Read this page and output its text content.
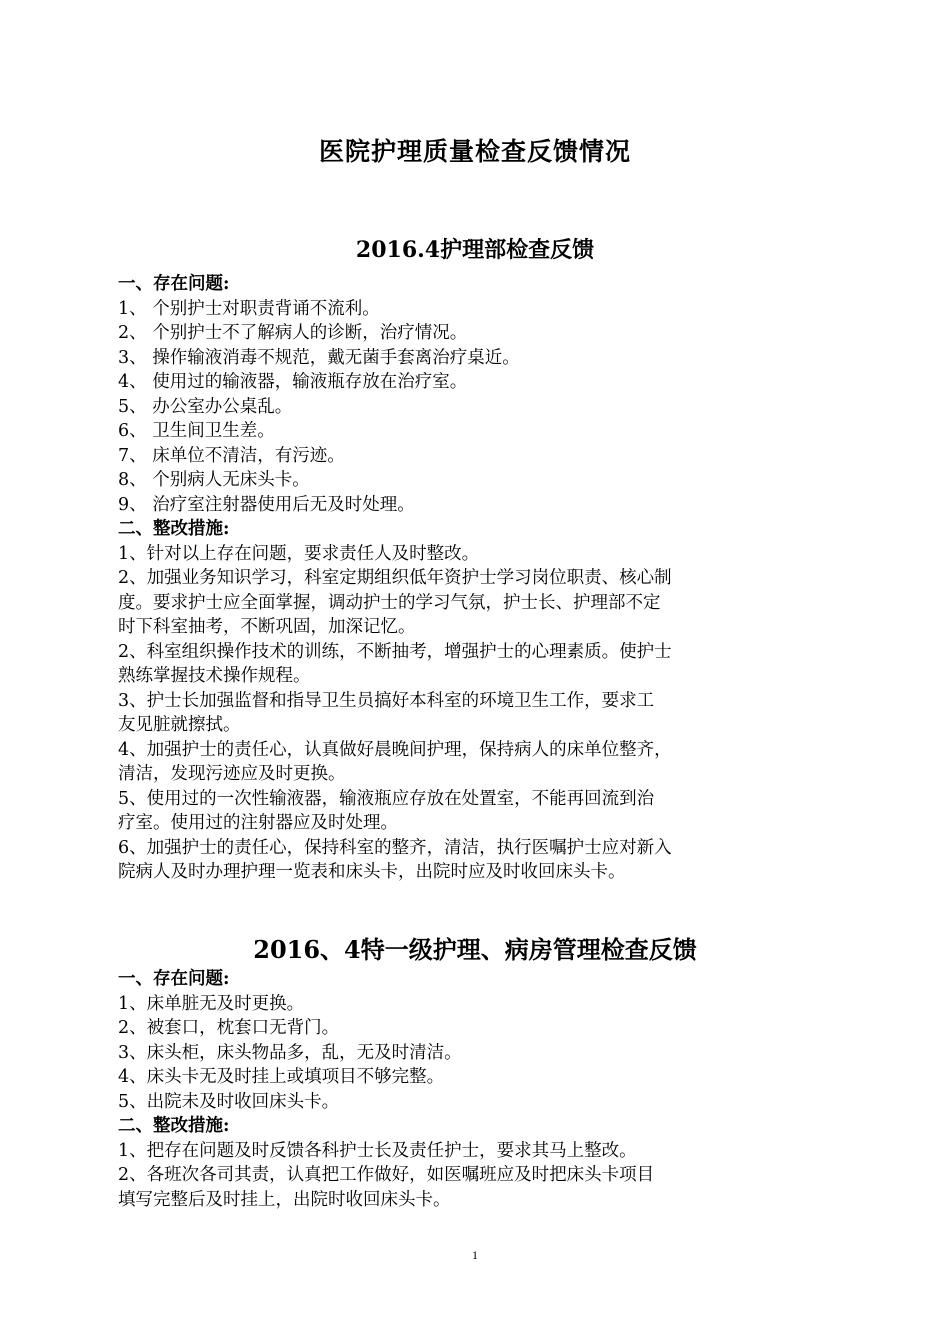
医院护理质量检查反馈情况
2016.4护理部检查反馈
一、存在问题:
1、 个别护士对职责背诵不流利。
2、 个别护士不了解病人的诊断，治疗情况。
3、 操作输液消毒不规范，戴无菌手套离治疗桌近。
4、 使用过的输液器，输液瓶存放在治疗室。
5、 办公室办公桌乱。
6、 卫生间卫生差。
7、 床单位不清洁，有污迹。
8、 个别病人无床头卡。
9、 治疗室注射器使用后无及时处理。
二、整改措施:
1、针对以上存在问题，要求责任人及时整改。
2、加强业务知识学习，科室定期组织低年资护士学习岗位职责、核心制
度。要求护士应全面掌握，调动护士的学习气氛，护士长、护理部不定
时下科室抽考，不断巩固，加深记忆。
2、科室组织操作技术的训练，不断抽考，增强护士的心理素质。使护士
熟练掌握技术操作规程。
3、护士长加强监督和指导卫生员搞好本科室的环境卫生工作，要求工
友见脏就擦拭。
4、加强护士的责任心，认真做好晨晚间护理，保持病人的床单位整齐，
清洁，发现污迹应及时更换。
5、使用过的一次性输液器，输液瓶应存放在处置室，不能再回流到治
疗室。使用过的注射器应及时处理。
6、加强护士的责任心，保持科室的整齐，清洁，执行医嘱护士应对新入
院病人及时办理护理一览表和床头卡，出院时应及时收回床头卡。
2016、4特一级护理、病房管理检查反馈
一、存在问题:
1、床单脏无及时更换。
2、被套口，枕套口无背门。
3、床头柜，床头物品多，乱，无及时清洁。
4、床头卡无及时挂上或填项目不够完整。
5、出院未及时收回床头卡。
二、整改措施:
1、把存在问题及时反馈各科护士长及责任护士，要求其马上整改。
2、各班次各司其责，认真把工作做好，如医嘱班应及时把床头卡项目
填写完整后及时挂上，出院时收回床头卡。
1
